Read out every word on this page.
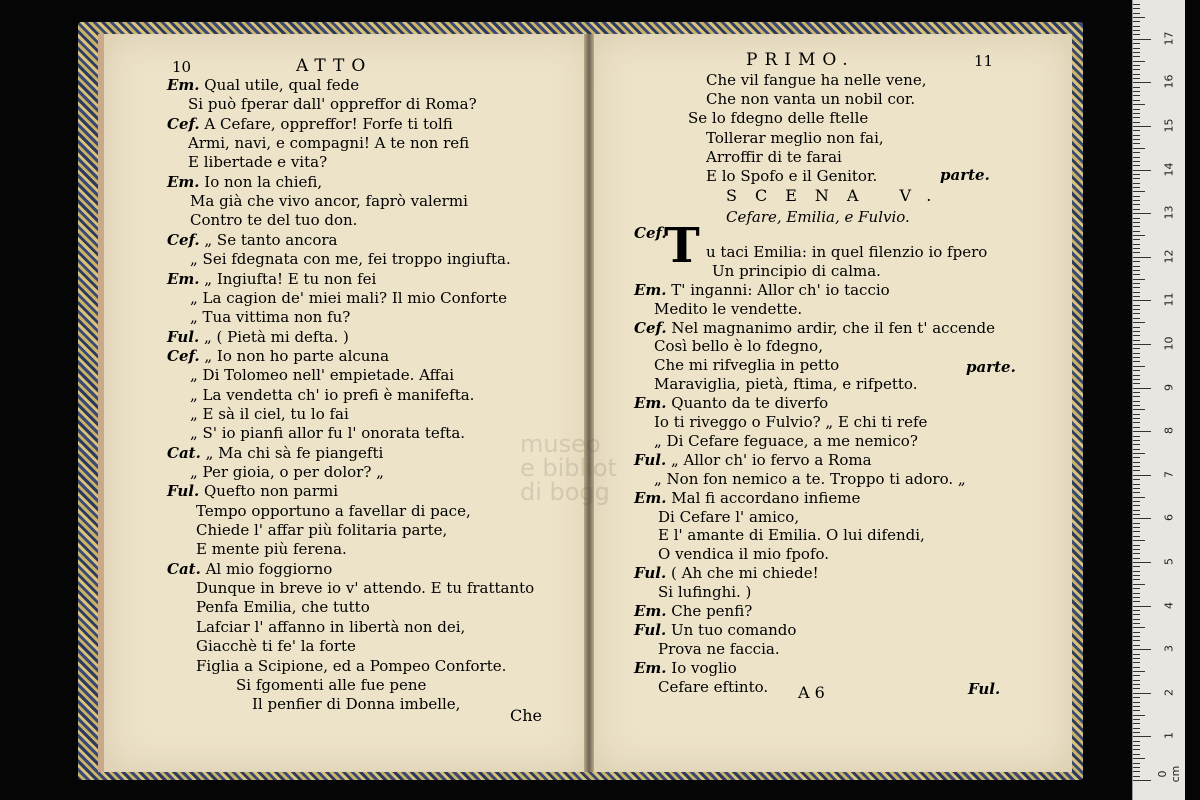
10	ATTO
Em. Qual utile, qual fede
Si può fperar dall' oppreffor di Roma?
Cef. A Cefare, oppreffor! Forfe ti tolfi
Armi, navi, e compagni! A te non refi
E libertade e vita?
Em. Io non la chiefi,
Ma già che vivo ancor, faprò valermi
Contro te del tuo don.
Cef. „ Se tanto ancora
„ Sei fdegnata con me, fei troppo ingiufta.
Em. „ Ingiufta! E tu non fei
„ La cagion de' miei mali? Il mio Conforte
„ Tua vittima non fu?
Ful. „ ( Pietà mi defta. )
Cef. „ Io non ho parte alcuna
„ Di Tolomeo nell' empietade. Affai
„ La vendetta ch' io prefi è manifefta.
„ E sà il ciel, tu lo fai
„ S' io pianfi allor fu l' onorata tefta.
Cat. „ Ma chi sà fe piangefti
„ Per gioia, o per dolor? „
Ful. Quefto non parmi
Tempo opportuno a favellar di pace,
Chiede l' affar più folitaria parte,
E mente più ferena.
Cat. Al mio foggiorno
Dunque in breve io v' attendo. E tu frattanto
Penfa Emilia, che tutto
Lafciar l' affanno in libertà non dei,
Giacchè ti fe' la forte
Figlia a Scipione, ed a Pompeo Conforte.
Si fgomenti alle fue pene
Il penfier di Donna imbelle,
Che
PRIMO.	11
Che vil fangue ha nelle vene,
Che non vanta un nobil cor.
Se lo fdegno delle ftelle
Tollerar meglio non fai,
Arroffir di te farai
E lo Spofo e il Genitor.	parte.
SCENA V.
Cefare, Emilia, e Fulvio.
T
Cef.
u taci Emilia: in quel filenzio io fpero
Un principio di calma.
Em. T' inganni: Allor ch' io taccio
Medito le vendette.
Cef. Nel magnanimo ardir, che il fen t' accende
Così bello è lo fdegno,
Che mi rifveglia in petto
Maraviglia, pietà, ftima, e rifpetto.
Em. Quanto da te diverfo
Io ti riveggo o Fulvio? „ E chi ti refe
„ Di Cefare feguace, a me nemico?
Ful. „ Allor ch' io fervo a Roma
„ Non fon nemico a te. Troppo ti adoro. „
Em. Mal fi accordano infieme
Di Cefare l' amico,
E l' amante di Emilia. O lui difendi,
O vendica il mio fpofo.
Ful. ( Ah che mi chiede!
Si lufinghi. )
Em. Che penfi?
Ful. Un tuo comando
Prova ne faccia.
Em. Io voglio
Cefare eftinto.
parte.
A 6	Ful.
museo
e bibliot
di bogg
0 cm
1
2
3
4
5
6
7
8
9
10
11
12
13
14
15
16
17
